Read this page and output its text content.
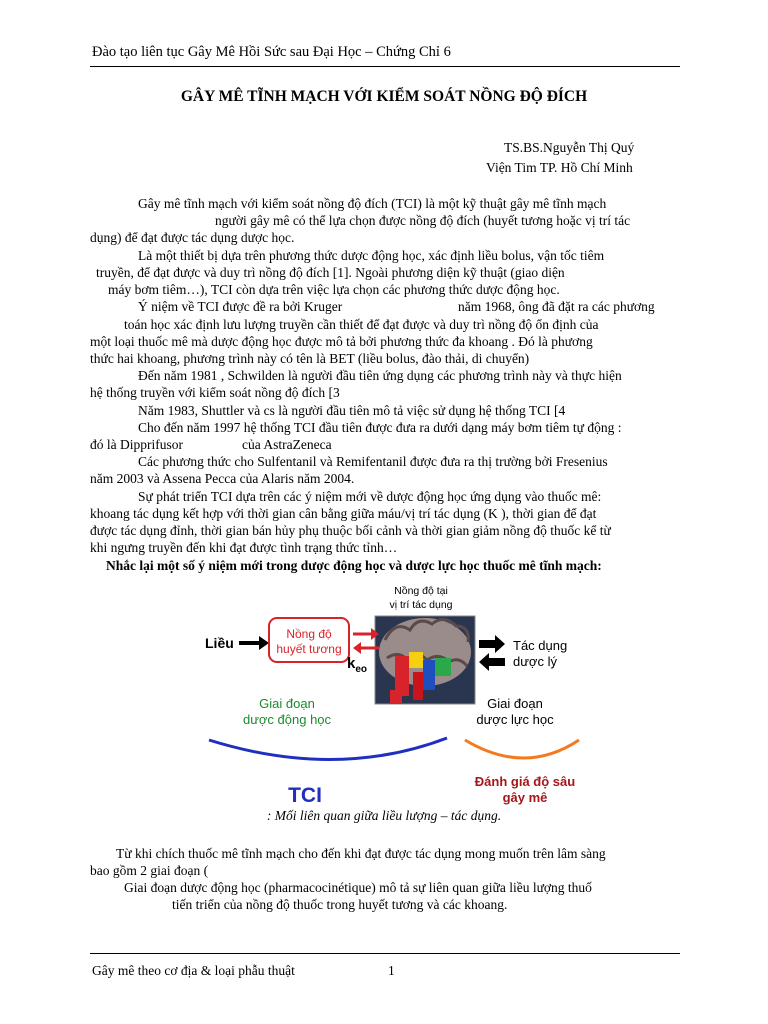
Đào tạo liên tục Gây Mê Hồi Sức sau Đại Học – Chứng Chỉ 6
GÂY MÊ TĨNH MẠCH VỚI KIỂM SOÁT NỒNG ĐỘ ĐÍCH
TS.BS.Nguyễn Thị Quý
Viện Tim TP. Hồ Chí Minh
Gây mê tĩnh mạch với kiểm soát nồng độ đích (TCI) là một kỹ thuật gây mê tĩnh mạch
người gây mê có thể lựa chọn được nồng độ đích (huyết tương hoặc vị trí tác
dụng) để đạt được tác dụng dược học.
Là một thiết bị dựa trên phương thức dược động học, xác định liều bolus, vận tốc tiêm
truyền, để đạt được và duy trì nồng độ đích [1]. Ngoài phương diện kỹ thuật (giao diện
máy bơm tiêm…), TCI còn dựa trên việc lựa chọn các phương thức dược động học.
Ý niệm về TCI được đề ra bởi Kruger	năm 1968, ông đã đặt ra các phương
toán học xác định lưu lượng truyền cần thiết để đạt được và duy trì nồng độ ổn định của
một loại thuốc mê mà dược động học được mô tả bởi phương thức đa khoang . Đó là phương
thức hai khoang, phương trình này có tên là BET (liều bolus, đào thải, di chuyển)
Đến năm 1981 , Schwilden là người đầu tiên ứng dụng các phương trình này và thực hiện
hệ thống truyền với kiểm soát nồng độ đích [3
Năm 1983, Shuttler và cs là người đầu tiên mô tả việc sử dụng hệ thống TCI [4
Cho đến năm 1997 hệ thống TCI đầu tiên được đưa ra dưới dạng máy bơm tiêm tự động :
đó là Dipprifusor	của AstraZeneca
Các phương thức cho Sulfentanil và Remifentanil được đưa ra thị trường bởi Fresenius
năm 2003 và Assena Pecca của Alaris năm 2004.
Sự phát triển TCI dựa trên các ý niệm mới về dược động học ứng dụng vào thuốc mê:
khoang tác dụng kết hợp với thời gian cân bằng giữa máu/vị trí tác dụng (K ), thời gian để đạt
được tác dụng đỉnh, thời gian bán hủy phụ thuộc bối cảnh và thời gian giảm nồng độ thuốc kể từ
khi ngưng truyền đến khi đạt được tình trạng thức tỉnh…
Nhắc lại một số ý niệm mới trong dược động học và dược lực học thuốc mê tĩnh mạch:
Nồng độ tại
vị trí tác dụng
Liều
Nồng độ
huyết tương
$k_{eo}$
Tác dụng
dược lý
Giai đoạn
dược động học
Giai đoạn
dược lực học
TCI
Đánh giá độ sâu
gây mê
: Mối liên quan giữa liều lượng – tác dụng.
Từ khi chích thuốc mê tĩnh mạch cho đến khi đạt được tác dụng mong muốn trên lâm sàng
bao gồm 2 giai đoạn (
Giai đoạn dược động học (pharmacocinétique) mô tả sự liên quan giữa liều lượng thuố
tiến triển của nồng độ thuốc trong huyết tương và các khoang.
Gây mê theo cơ địa & loại phẫu thuật	1
